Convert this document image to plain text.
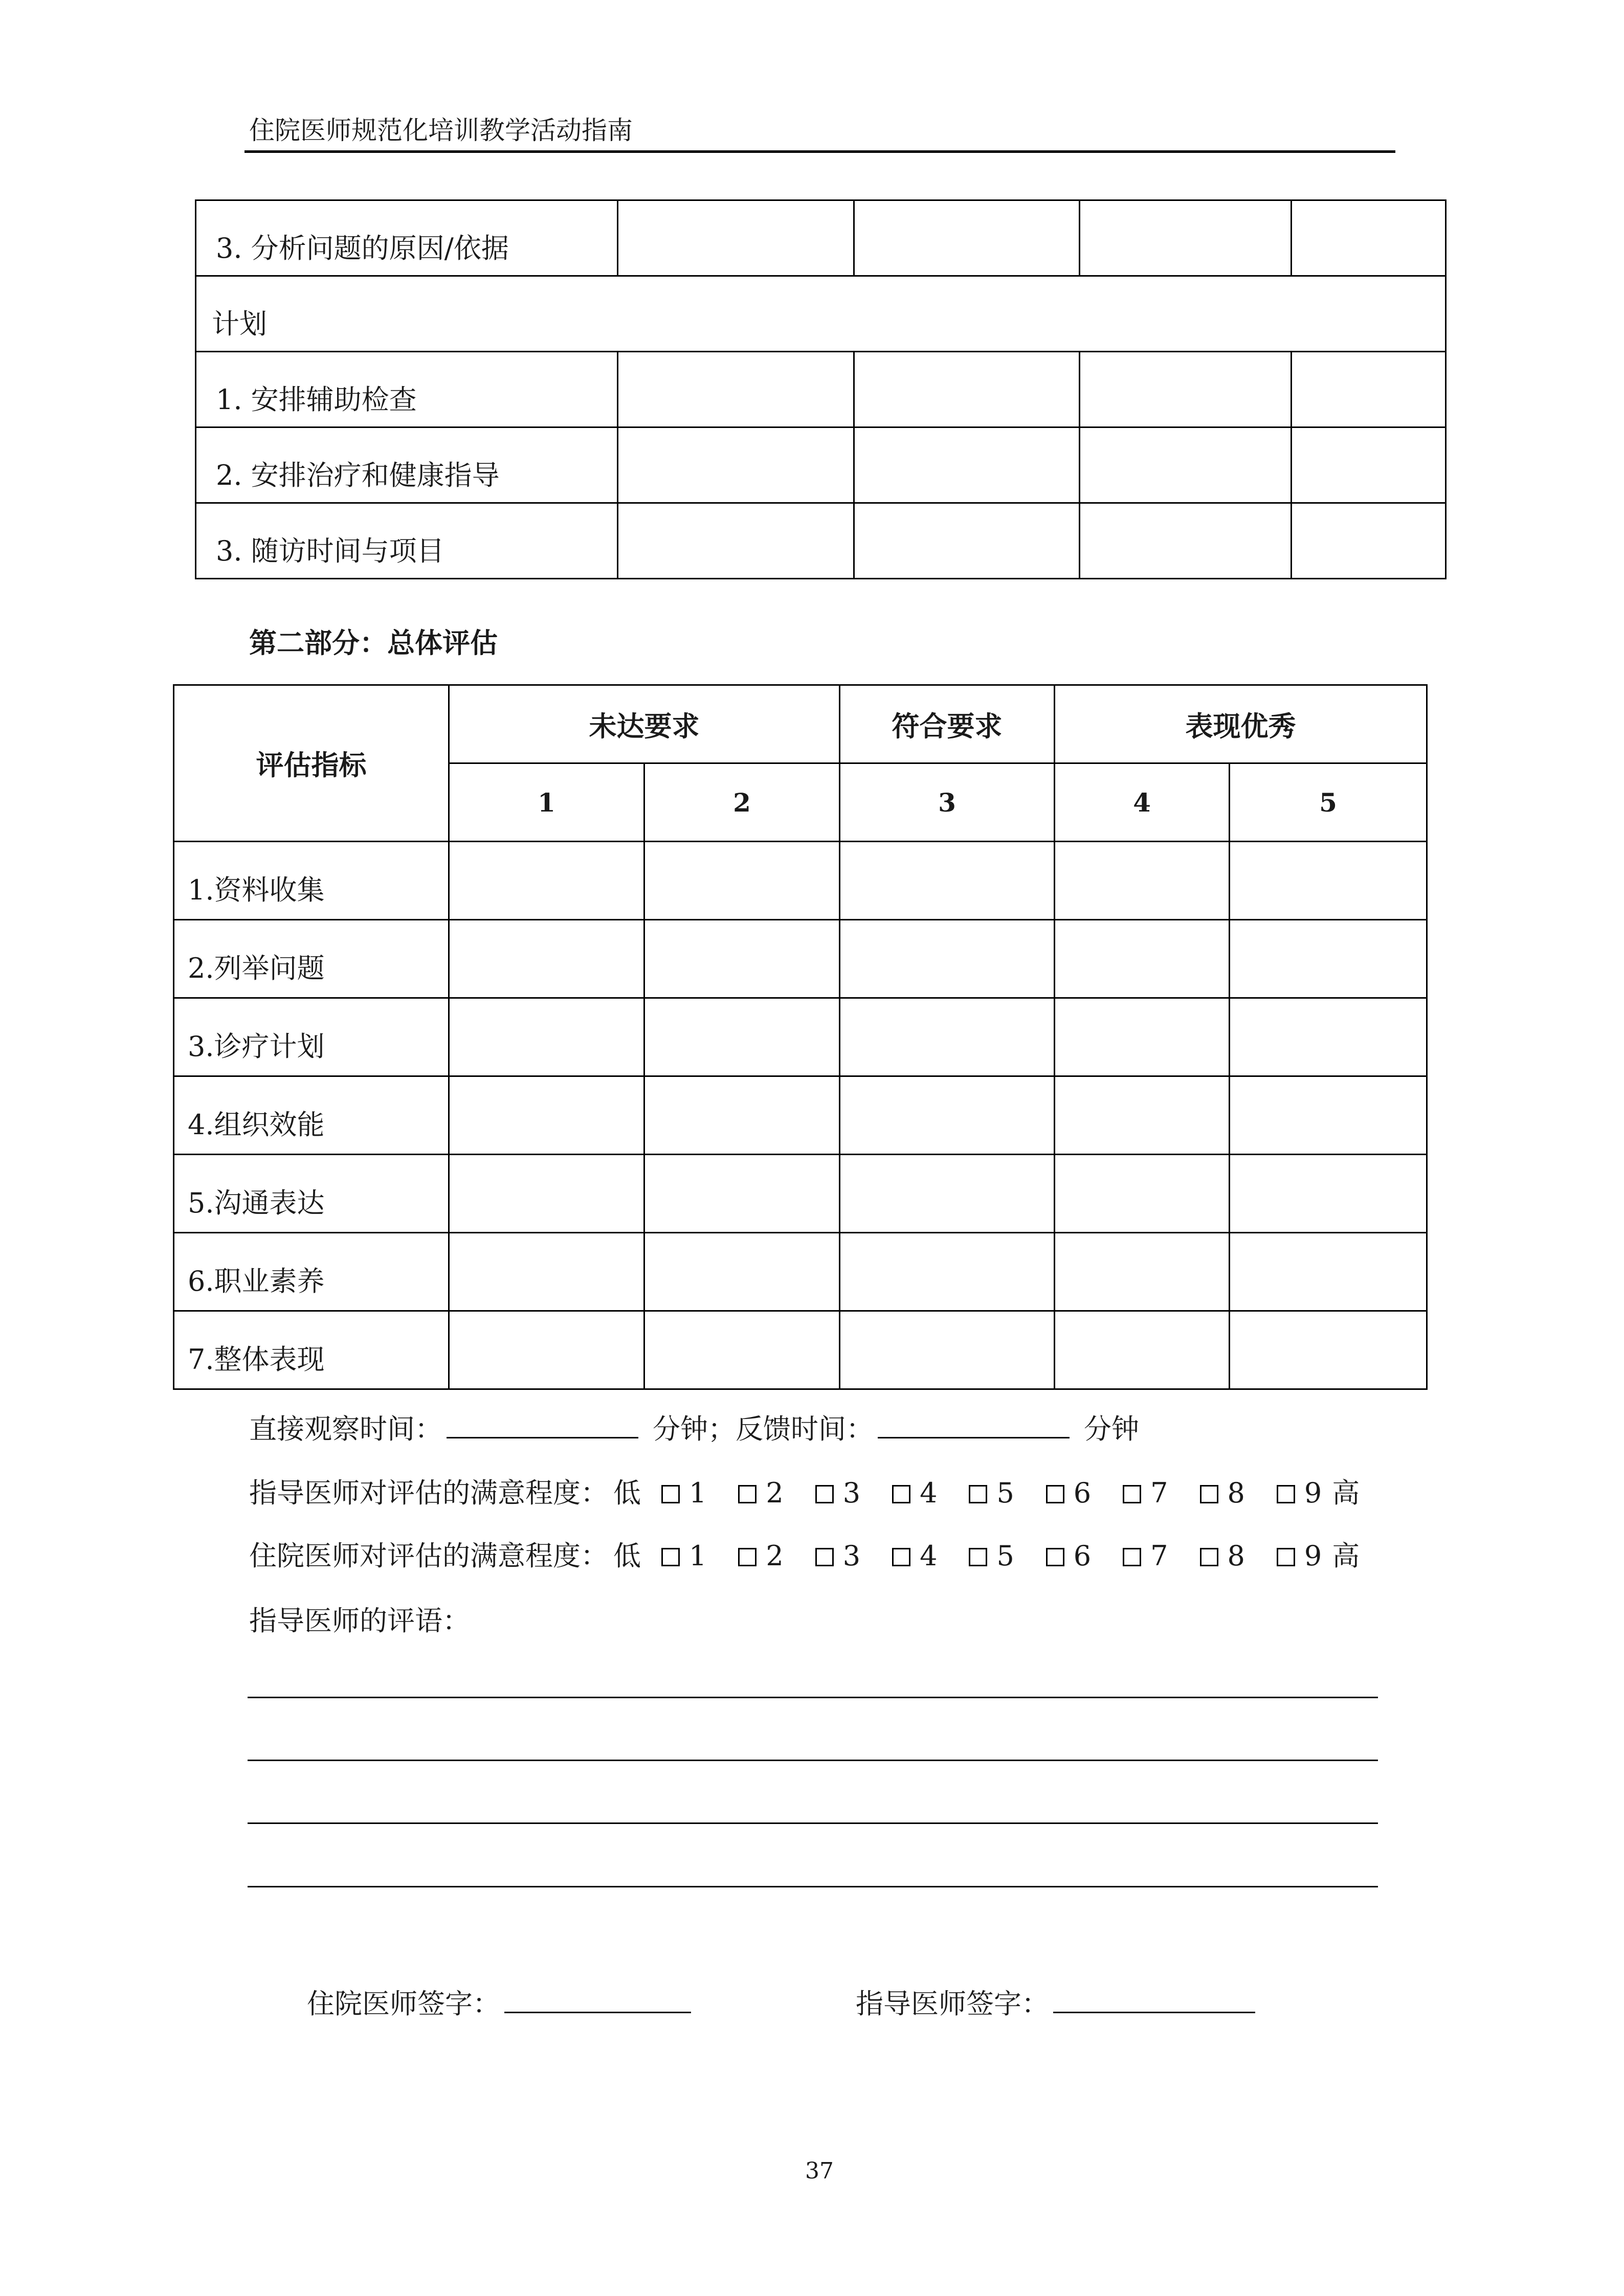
住院医师规范化培训教学活动指南
3. 分析问题的原因/依据				
计划				
1. 安排辅助检查				
2. 安排治疗和健康指导				
3. 随访时间与项目				
第二部分：总体评估
评估指标	未达要求		符合要求	表现优秀	
	1	2	3	4	5
1.资料收集					
2.列举问题					
3.诊疗计划					
4.组织效能					
5.沟通表达					
6.职业素养					
7.整体表现					
直接观察时间：	分钟；反馈时间：	分钟
指导医师对评估的满意程度： 低 1 2 3 4 5 6 7 8 9 高
住院医师对评估的满意程度： 低 1 2 3 4 5 6 7 8 9 高
指导医师的评语：
住院医师签字：	指导医师签字：
37
